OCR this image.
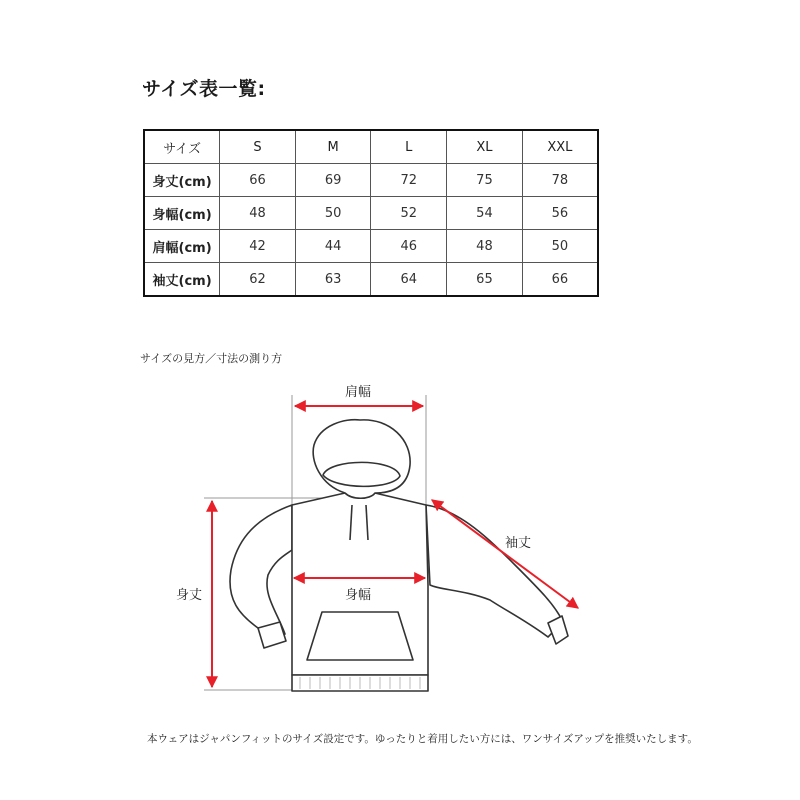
サイズ表一覧:
サイズ	S	M	L	XL	XXL
身丈(cm)	66	69	72	75	78
身幅(cm)	48	50	52	54	56
肩幅(cm)	42	44	46	48	50
袖丈(cm)	62	63	64	65	66
サイズの見方／寸法の測り方
肩幅
身幅
身丈
袖丈
本ウェアはジャパンフィットのサイズ設定です。ゆったりと着用したい方には、ワンサイズアップを推奨いたします。
